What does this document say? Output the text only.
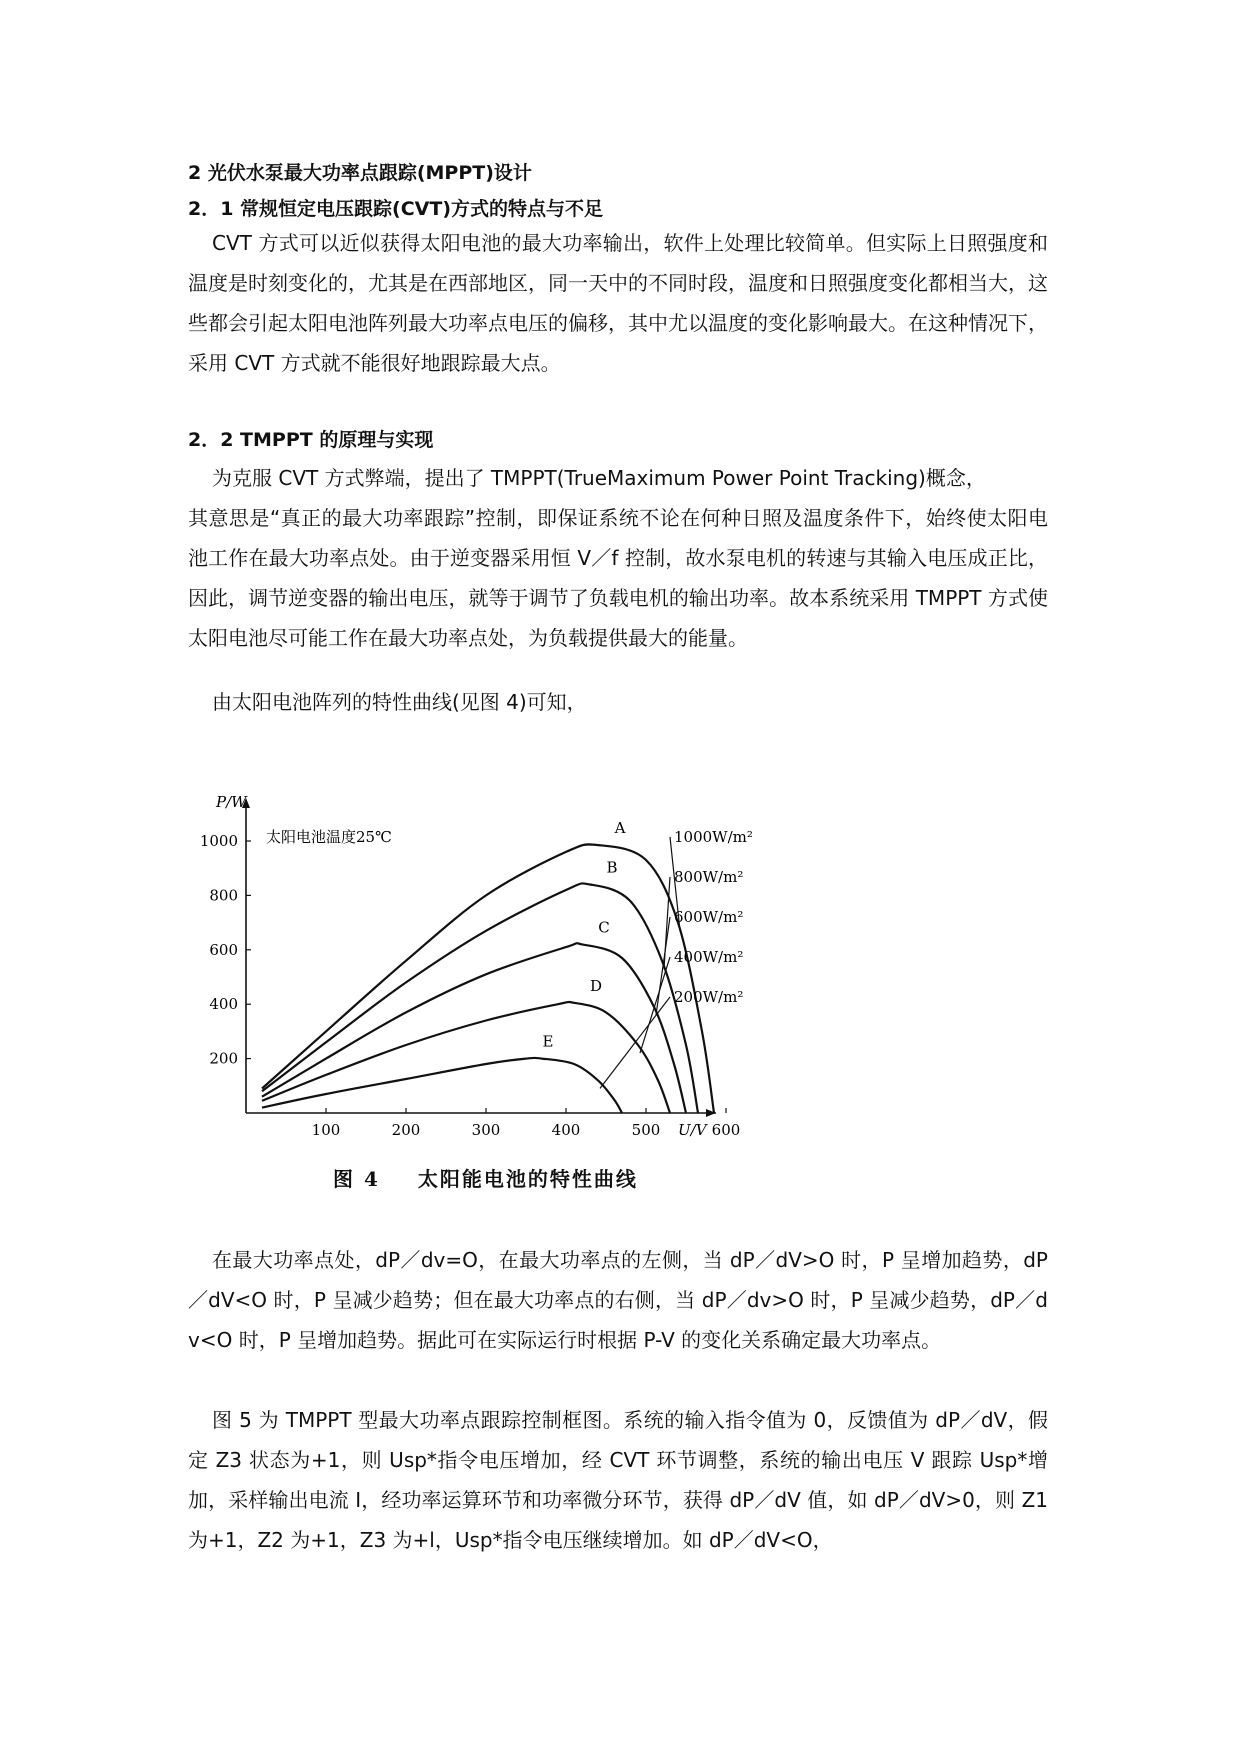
2 光伏水泵最大功率点跟踪(MPPT)设计
2．1 常规恒定电压跟踪(CVT)方式的特点与不足

CVT 方式可以近似获得太阳电池的最大功率输出，软件上处理比较简单。但实际上日照强度和温度是时刻变化的，尤其是在西部地区，同一天中的不同时段，温度和日照强度变化都相当大，这些都会引起太阳电池阵列最大功率点电压的偏移，其中尤以温度的变化影响最大。在这种情况下，采用 CVT 方式就不能很好地跟踪最大点。

2．2 TMPPT 的原理与实现

为克服 CVT 方式弊端，提出了 TMPPT(TrueMaximum Power Point Tracking)概念，

其意思是“真正的最大功率跟踪”控制，即保证系统不论在何种日照及温度条件下，始终使太阳电池工作在最大功率点处。由于逆变器采用恒 V／f 控制，故水泵电机的转速与其输入电压成正比，因此，调节逆变器的输出电压，就等于调节了负载电机的输出功率。故本系统采用 TMPPT 方式使太阳电池尽可能工作在最大功率点处，为负载提供最大的能量。

由太阳电池阵列的特性曲线(见图 4)可知，

P/W
U/V
100	200	300	400	500	600
200
400
600
800
1000 太阳电池温度25℃	A	1000W/m²
B
800W/m²
C
600W/m²
D
400W/m²
E
200W/m²
图 4 太阳能电池的特性曲线

在最大功率点处，dP／dv=O，在最大功率点的左侧，当 dP／dV>O 时，P 呈增加趋势，dP／dV<O 时，P 呈减少趋势；但在最大功率点的右侧，当 dP／dv>O 时，P 呈减少趋势，dP／d v<O 时，P 呈增加趋势。据此可在实际运行时根据 P-V 的变化关系确定最大功率点。

图 5 为 TMPPT 型最大功率点跟踪控制框图。系统的输入指令值为 0，反馈值为 dP／dV，假定 Z3 状态为+1，则 Usp*指令电压增加，经 CVT 环节调整，系统的输出电压 V 跟踪 Usp*增加，采样输出电流 I，经功率运算环节和功率微分环节，获得 dP／dV 值，如 dP／dV>0，则 Z1 为+1，Z2 为+1，Z3 为+l，Usp*指令电压继续增加。如 dP／dV<O，
